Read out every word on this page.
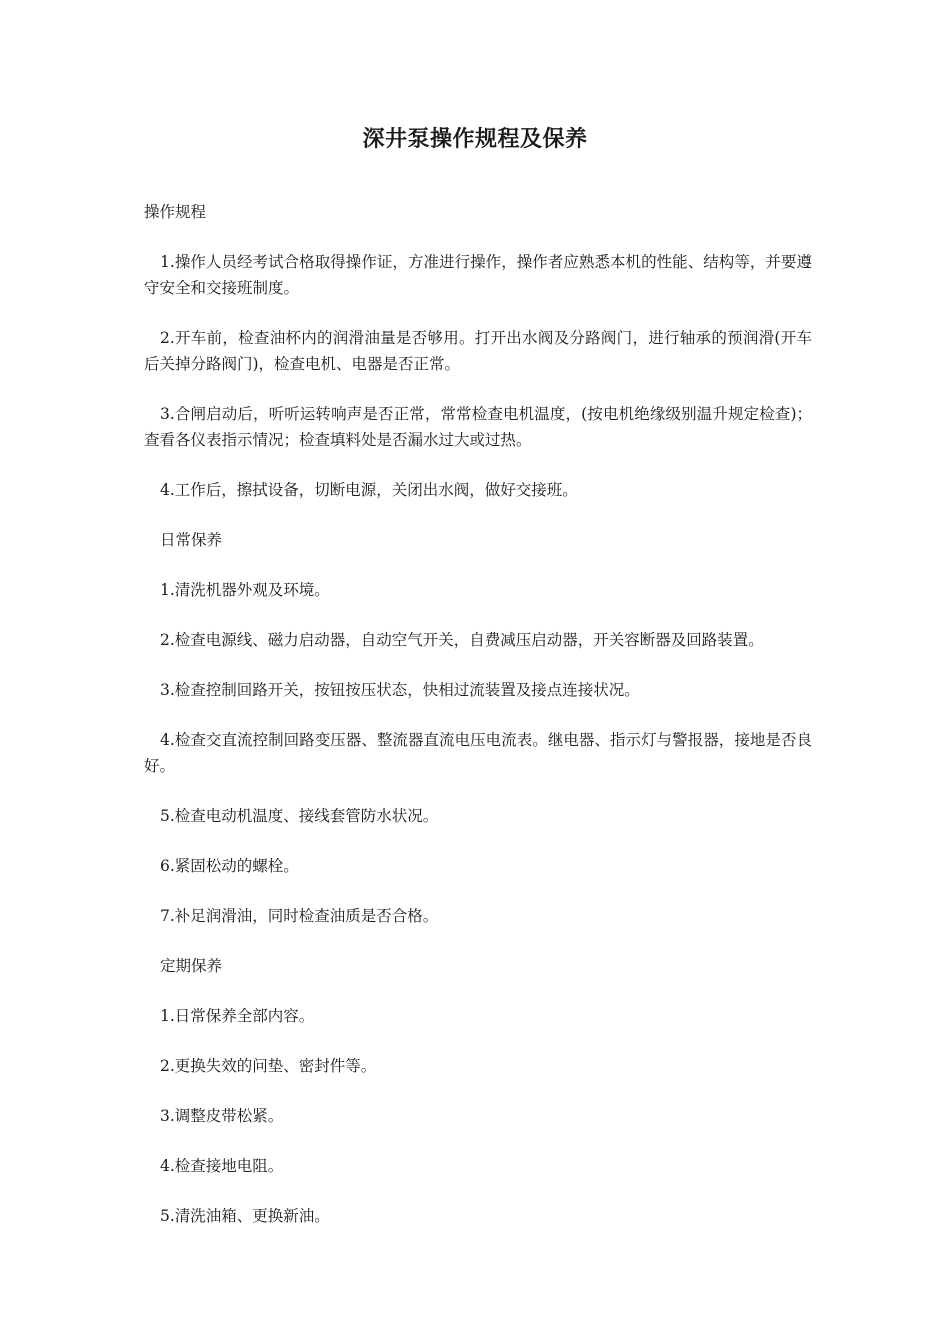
深井泵操作规程及保养

操作规程

1.操作人员经考试合格取得操作证，方准进行操作，操作者应熟悉本机的性能、结构等，并要遵守安全和交接班制度。

2.开车前，检查油杯内的润滑油量是否够用。打开出水阀及分路阀门，进行轴承的预润滑(开车后关掉分路阀门)，检查电机、电器是否正常。

3.合闸启动后，听听运转响声是否正常，常常检查电机温度，(按电机绝缘级别温升规定检查)；查看各仪表指示情况；检查填料处是否漏水过大或过热。

4.工作后，擦拭设备，切断电源，关闭出水阀，做好交接班。

日常保养

1.清洗机器外观及环境。

2.检查电源线、磁力启动器，自动空气开关，自费减压启动器，开关容断器及回路装置。

3.检查控制回路开关，按钮按压状态，快相过流装置及接点连接状况。

4.检查交直流控制回路变压器、整流器直流电压电流表。继电器、指示灯与警报器，接地是否良好。

5.检查电动机温度、接线套管防水状况。

6.紧固松动的螺栓。

7.补足润滑油，同时检查油质是否合格。

定期保养

1.日常保养全部内容。

2.更换失效的问垫、密封件等。

3.调整皮带松紧。

4.检查接地电阻。

5.清洗油箱、更换新油。
